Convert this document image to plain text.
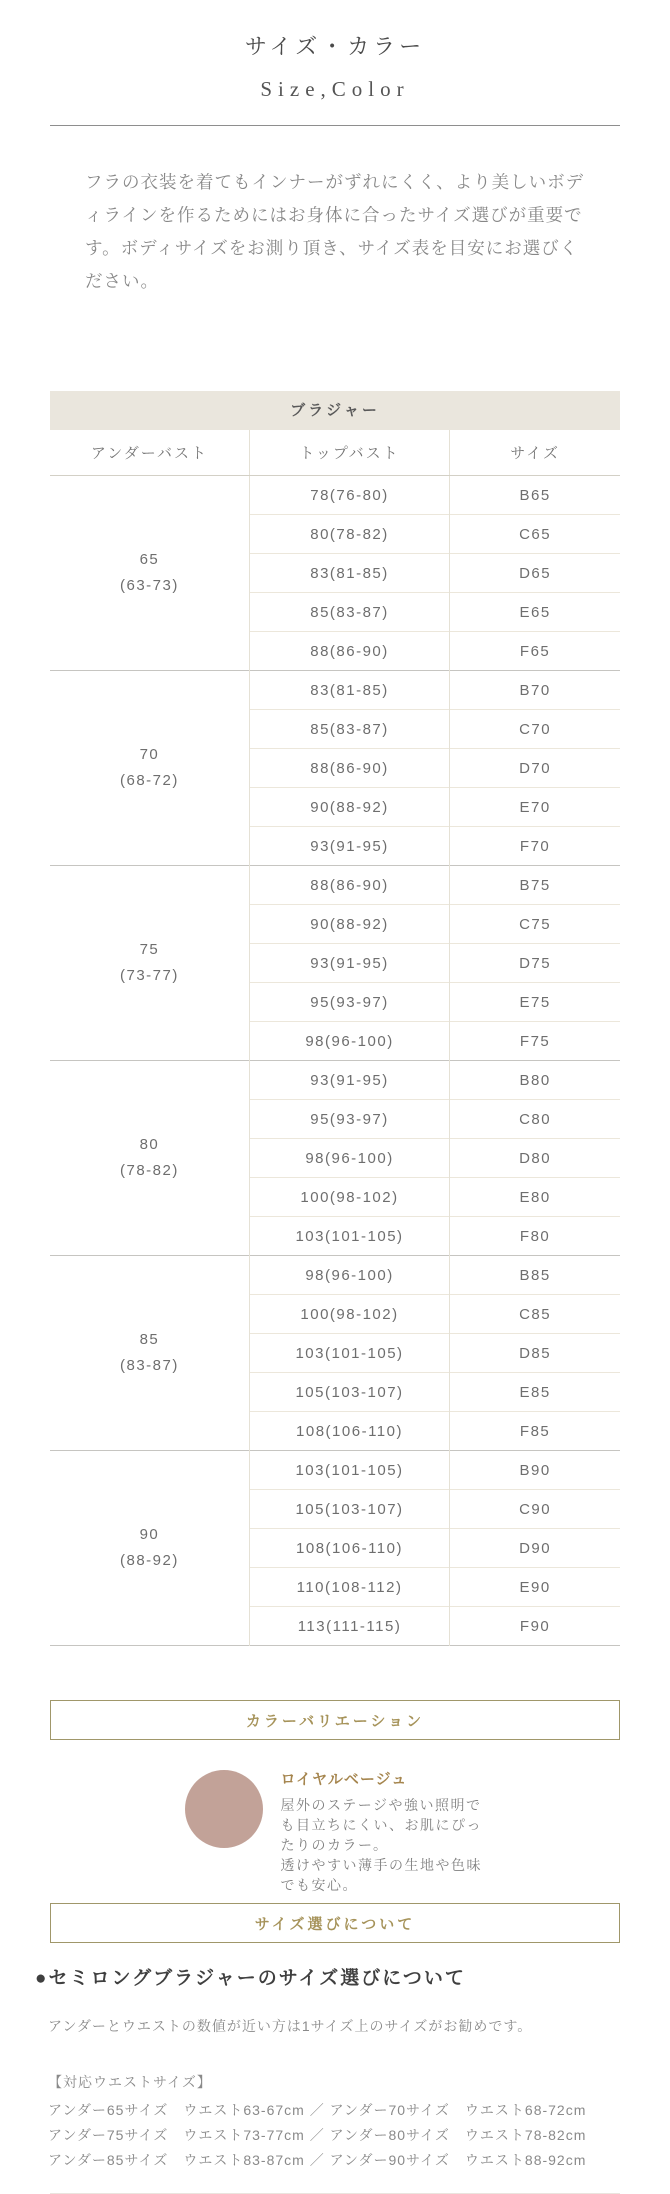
サイズ・カラー
Size,Color

フラの衣装を着てもインナーがずれにくく、より美しいボディラインを作るためにはお身体に合ったサイズ選びが重要です。ボディサイズをお測り頂き、サイズ表を目安にお選びください。

ブラジャー
アンダーバスト	トップバスト	サイズ

65
(63-73)	78(76-80)	B65
	80(78-82)	C65
	83(81-85)	D65
	85(83-87)	E65
	88(86-90)	F65

70
(68-72)	83(81-85)	B70
	85(83-87)	C70
	88(86-90)	D70
	90(88-92)	E70
	93(91-95)	F70

75
(73-77)	88(86-90)	B75
	90(88-92)	C75
	93(91-95)	D75
	95(93-97)	E75
	98(96-100)	F75

80
(78-82)	93(91-95)	B80
	95(93-97)	C80
	98(96-100)	D80
	100(98-102)	E80
	103(101-105)	F80

85
(83-87)	98(96-100)	B85
	100(98-102)	C85
	103(101-105)	D85
	105(103-107)	E85
	108(106-110)	F85

90
(88-92)	103(101-105)	B90
	105(103-107)	C90
	108(106-110)	D90
	110(108-112)	E90
	113(111-115)	F90
カラーバリエーション
ロイヤルベージュ

屋外のステージや強い照明でも目立ちにくい、お肌にぴったりのカラー。

透けやすい薄手の生地や色味でも安心。

サイズ選びについて
●セミロングブラジャーのサイズ選びについて

アンダーとウエストの数値が近い方は1サイズ上のサイズがお勧めです。

【対応ウエストサイズ】

アンダー65サイズ　ウエスト63-67cm ／ アンダー70サイズ　ウエスト68-72cm

アンダー75サイズ　ウエスト73-77cm ／ アンダー80サイズ　ウエスト78-82cm

アンダー85サイズ　ウエスト83-87cm ／ アンダー90サイズ　ウエスト88-92cm
